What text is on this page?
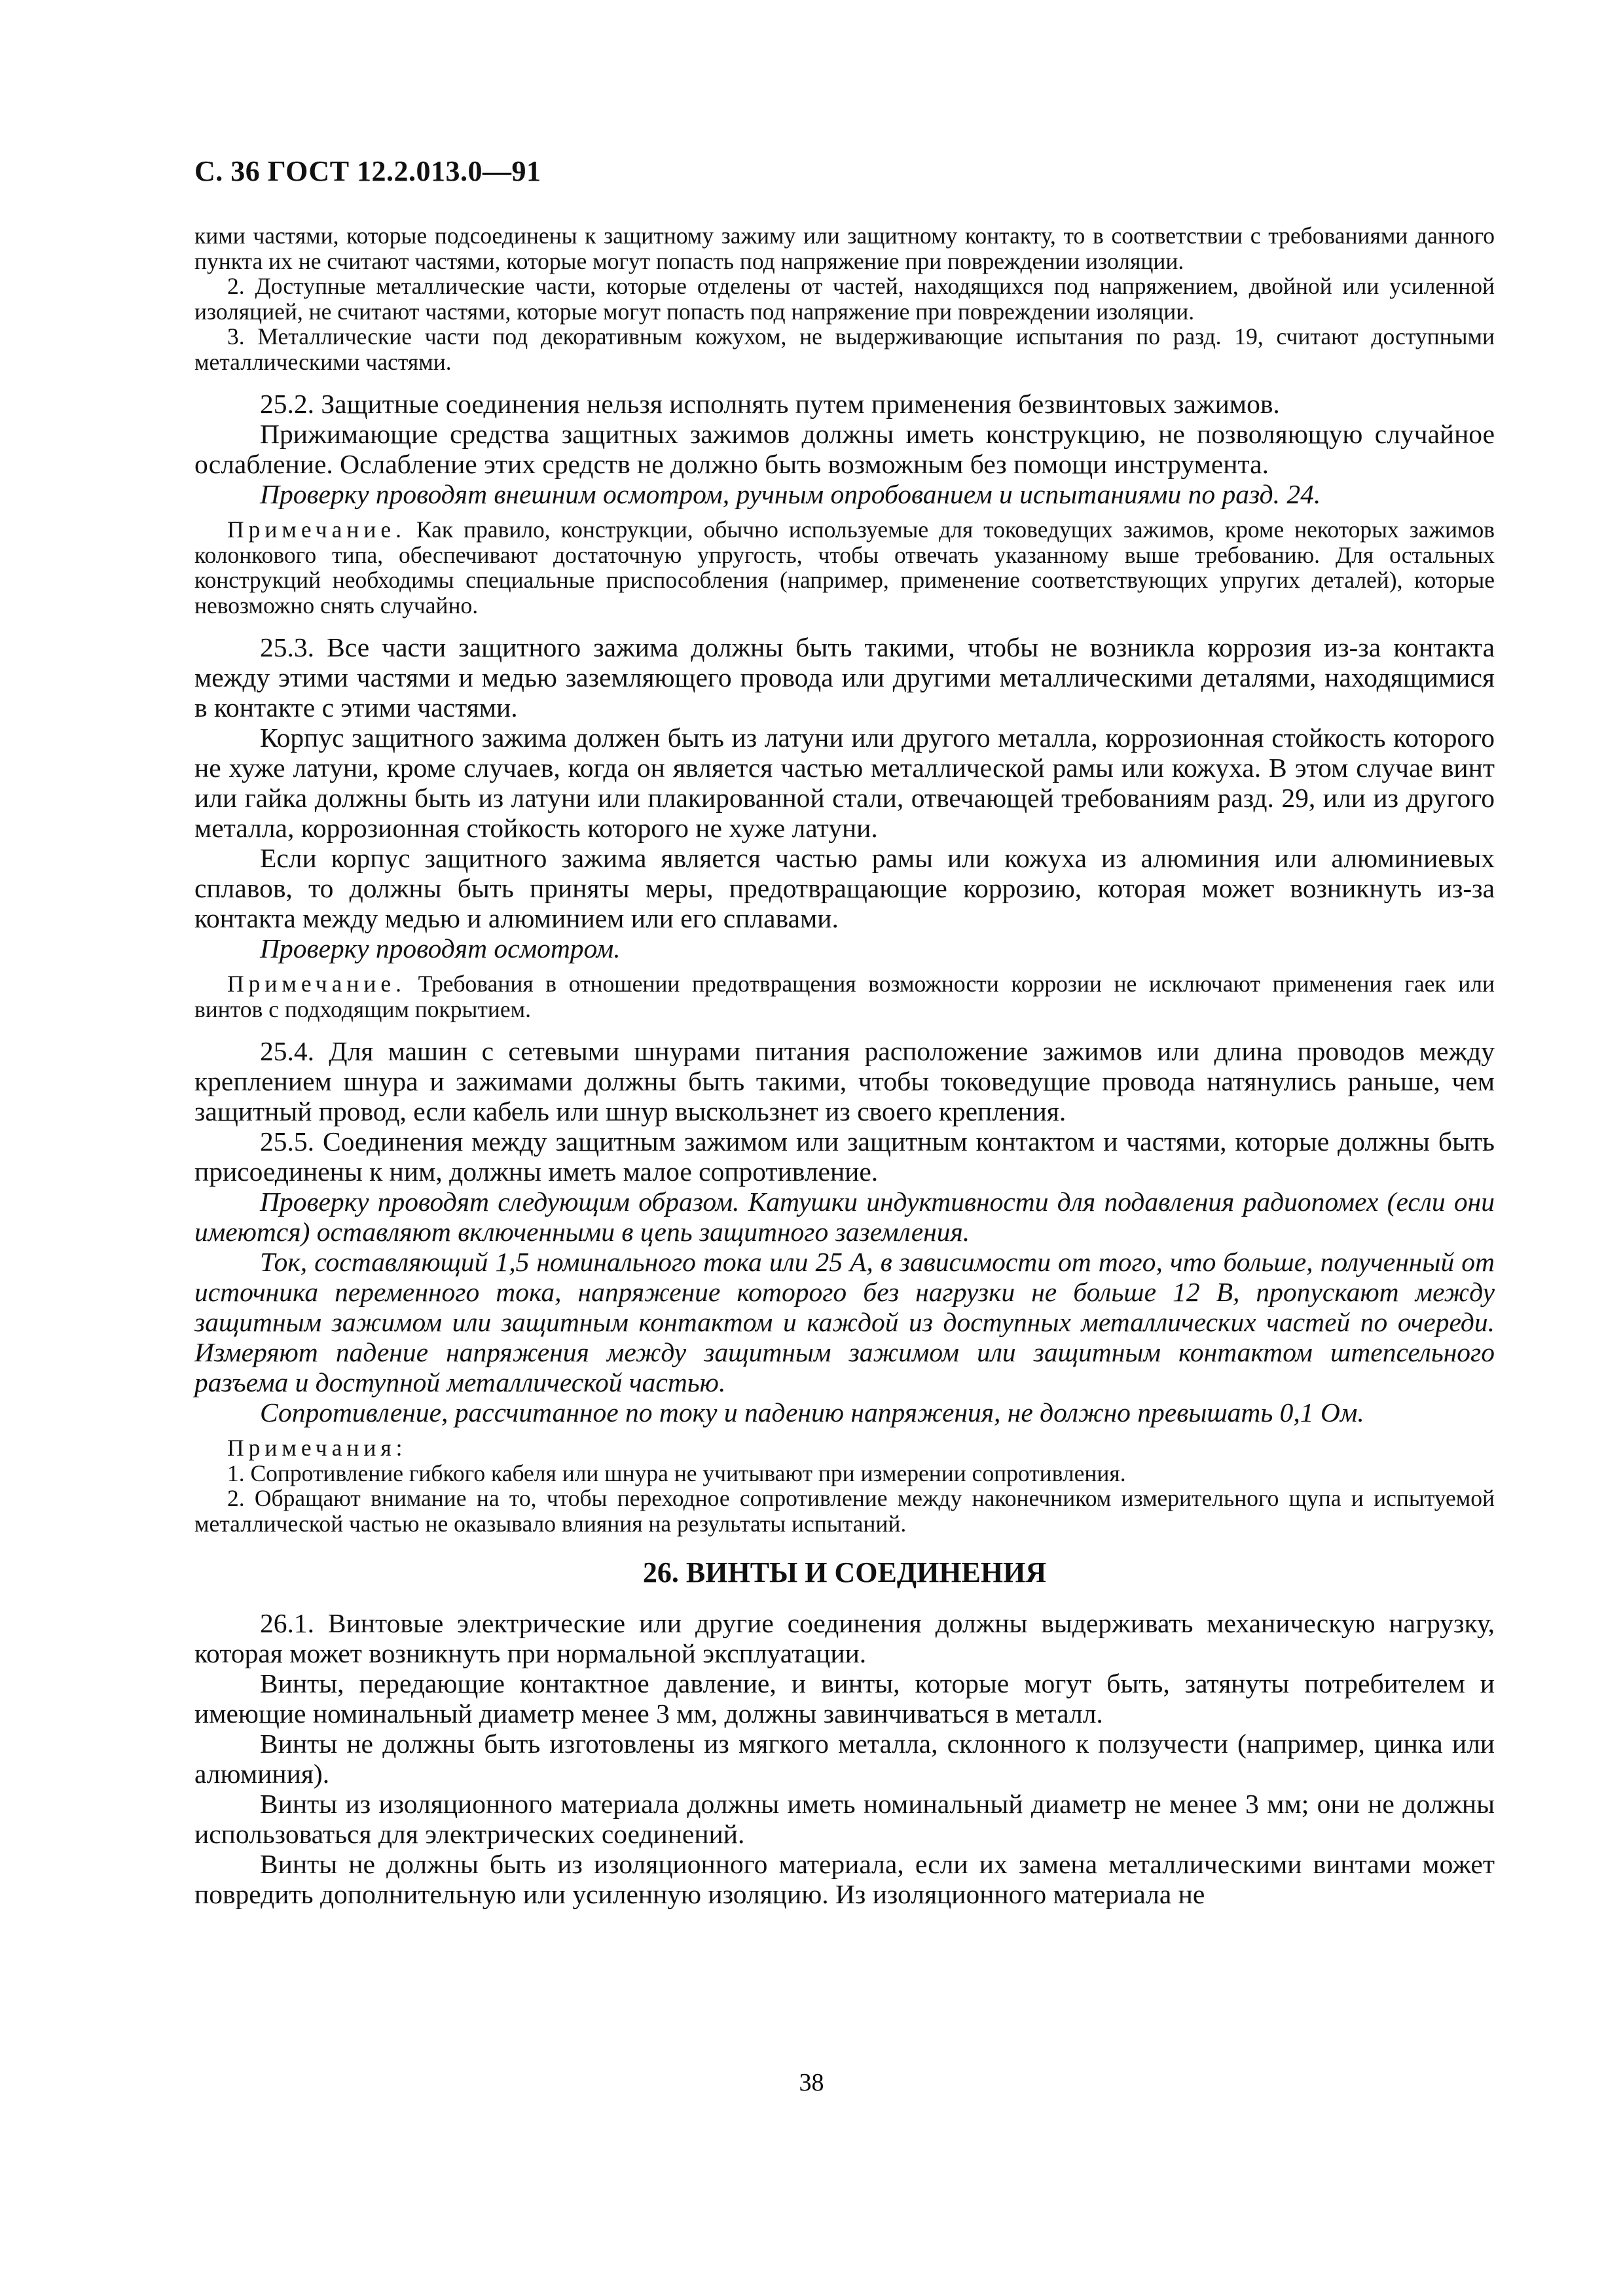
С. 36 ГОСТ 12.2.013.0—91

кими частями, которые подсоединены к защитному зажиму или защитному контакту, то в соответствии с требованиями данного пункта их не считают частями, которые могут попасть под напряжение при повреждении изоляции.

2. Доступные металлические части, которые отделены от частей, находящихся под напряжением, двойной или усиленной изоляцией, не считают частями, которые могут попасть под напряжение при повреждении изоляции.

3. Металлические части под декоративным кожухом, не выдерживающие испытания по разд. 19, считают доступными металлическими частями.

25.2. Защитные соединения нельзя исполнять путем применения безвинтовых зажимов.

Прижимающие средства защитных зажимов должны иметь конструкцию, не позволяющую случайное ослабление. Ослабление этих средств не должно быть возможным без помощи инструмента.

Проверку проводят внешним осмотром, ручным опробованием и испытаниями по разд. 24.

Примечание. Как правило, конструкции, обычно используемые для токоведущих зажимов, кроме некоторых зажимов колонкового типа, обеспечивают достаточную упругость, чтобы отвечать указанному выше требованию. Для остальных конструкций необходимы специальные приспособления (например, применение соответствующих упругих деталей), которые невозможно снять случайно.

25.3. Все части защитного зажима должны быть такими, чтобы не возникла коррозия из-за контакта между этими частями и медью заземляющего провода или другими металлическими деталями, находящимися в контакте с этими частями.

Корпус защитного зажима должен быть из латуни или другого металла, коррозионная стойкость которого не хуже латуни, кроме случаев, когда он является частью металлической рамы или кожуха. В этом случае винт или гайка должны быть из латуни или плакированной стали, отвечающей требованиям разд. 29, или из другого металла, коррозионная стойкость которого не хуже латуни.

Если корпус защитного зажима является частью рамы или кожуха из алюминия или алюминиевых сплавов, то должны быть приняты меры, предотвращающие коррозию, которая может возникнуть из-за контакта между медью и алюминием или его сплавами.

Проверку проводят осмотром.

Примечание. Требования в отношении предотвращения возможности коррозии не исключают применения гаек или винтов с подходящим покрытием.

25.4. Для машин с сетевыми шнурами питания расположение зажимов или длина проводов между креплением шнура и зажимами должны быть такими, чтобы токоведущие провода натянулись раньше, чем защитный провод, если кабель или шнур выскользнет из своего крепления.

25.5. Соединения между защитным зажимом или защитным контактом и частями, которые должны быть присоединены к ним, должны иметь малое сопротивление.

Проверку проводят следующим образом. Катушки индуктивности для подавления радиопомех (если они имеются) оставляют включенными в цепь защитного заземления.

Ток, составляющий 1,5 номинального тока или 25 А, в зависимости от того, что больше, полученный от источника переменного тока, напряжение которого без нагрузки не больше 12 В, пропускают между защитным зажимом или защитным контактом и каждой из доступных металлических частей по очереди. Измеряют падение напряжения между защитным зажимом или защитным контактом штепсельного разъема и доступной металлической частью.

Сопротивление, рассчитанное по току и падению напряжения, не должно превышать 0,1 Ом.

Примечания:

1. Сопротивление гибкого кабеля или шнура не учитывают при измерении сопротивления.

2. Обращают внимание на то, чтобы переходное сопротивление между наконечником измерительного щупа и испытуемой металлической частью не оказывало влияния на результаты испытаний.

26. ВИНТЫ И СОЕДИНЕНИЯ

26.1. Винтовые электрические или другие соединения должны выдерживать механическую нагрузку, которая может возникнуть при нормальной эксплуатации.

Винты, передающие контактное давление, и винты, которые могут быть, затянуты потребителем и имеющие номинальный диаметр менее 3 мм, должны завинчиваться в металл.

Винты не должны быть изготовлены из мягкого металла, склонного к ползучести (например, цинка или алюминия).

Винты из изоляционного материала должны иметь номинальный диаметр не менее 3 мм; они не должны использоваться для электрических соединений.

Винты не должны быть из изоляционного материала, если их замена металлическими винтами может повредить дополнительную или усиленную изоляцию. Из изоляционного материала не

38
